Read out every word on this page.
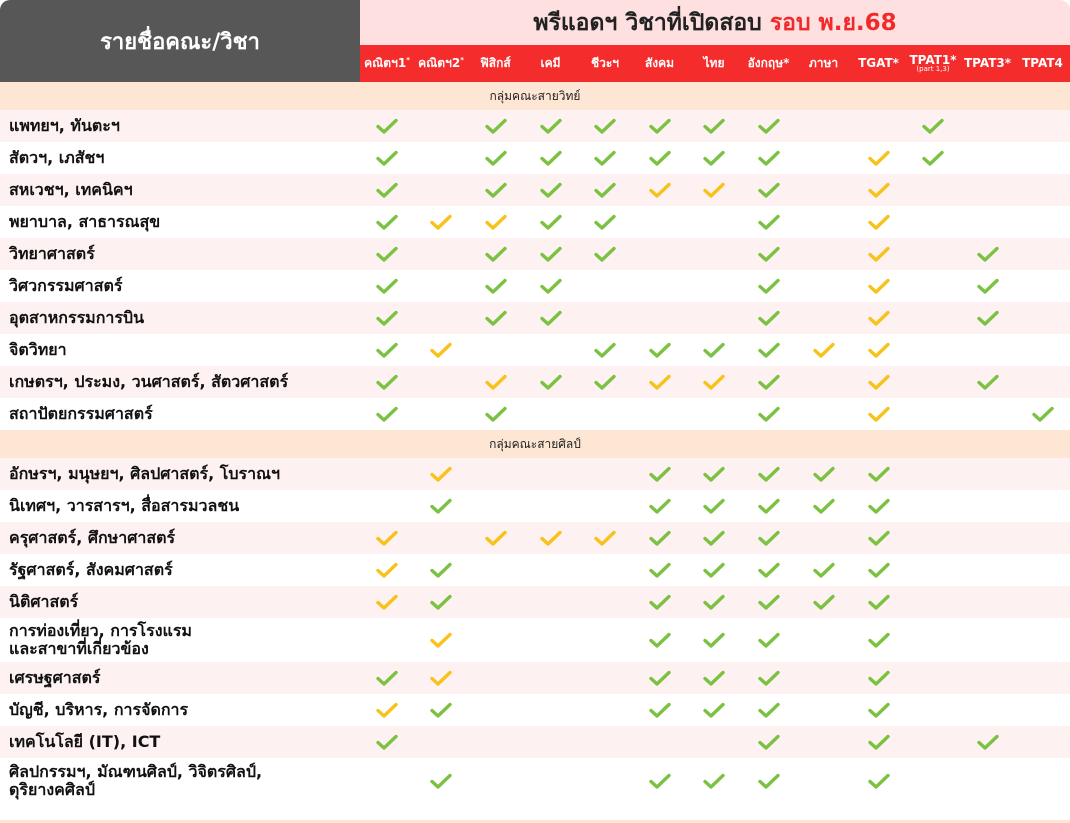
รายชื่อคณะ/วิชา
พรีแอดฯ วิชาที่เปิดสอบ รอบ พ.ย.68
คณิตฯ1* คณิตฯ2* ฟิสิกส์ เคมี	ชีวะฯ สังคม ไทย อังกฤษ* ภาษา TGAT* TPAT1*
(part 1,3) TPAT3* TPAT4
กลุ่มคณะสายวิทย์
แพทยฯ, ทันตะฯ
สัตวฯ, เภสัชฯ
สหเวชฯ, เทคนิคฯ
พยาบาล, สาธารณสุข
วิทยาศาสตร์
วิศวกรรมศาสตร์
อุตสาหกรรมการบิน
จิตวิทยา
เกษตรฯ, ประมง, วนศาสตร์, สัตวศาสตร์
สถาปัตยกรรมศาสตร์
กลุ่มคณะสายศิลป์
อักษรฯ, มนุษยฯ, ศิลปศาสตร์, โบราณฯ
นิเทศฯ, วารสารฯ, สื่อสารมวลชน
ครุศาสตร์, ศึกษาศาสตร์
รัฐศาสตร์, สังคมศาสตร์
นิติศาสตร์
การท่องเที่ยว, การโรงแรม
และสาขาที่เกี่ยวข้อง
เศรษฐศาสตร์
บัญชี, บริหาร, การจัดการ
เทคโนโลยี (IT), ICT
ศิลปกรรมฯ, มัณฑนศิลป์, วิจิตรศิลป์,
ดุริยางคศิลป์
